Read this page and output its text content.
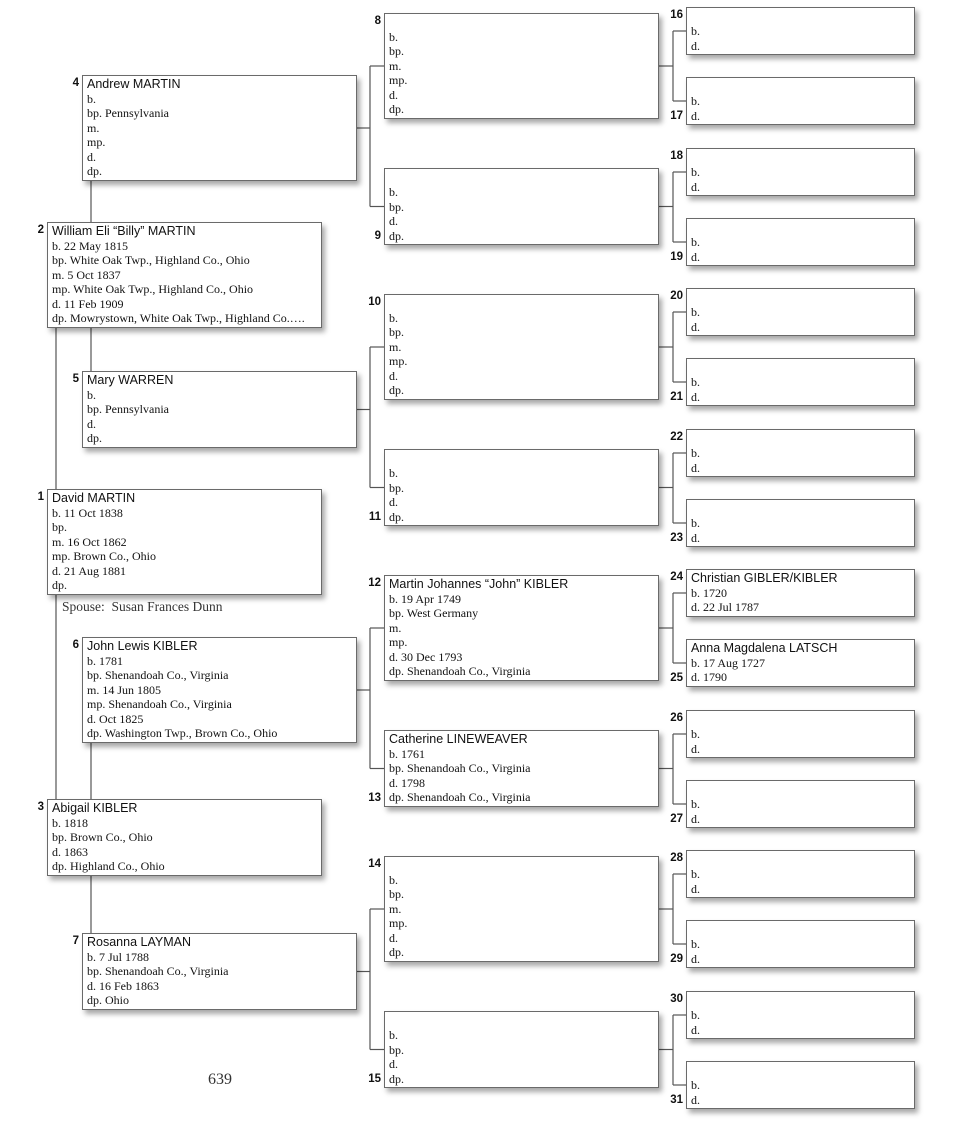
David MARTIN
b. 11 Oct 1838
bp.
m. 16 Oct 1862
mp. Brown Co., Ohio
d. 21 Aug 1881
dp.
1
William Eli “Billy” MARTIN
b. 22 May 1815
bp. White Oak Twp., Highland Co., Ohio
m. 5 Oct 1837
mp. White Oak Twp., Highland Co., Ohio
d. 11 Feb 1909
dp. Mowrystown, White Oak Twp., Highland Co.….
2
Abigail KIBLER
b. 1818
bp. Brown Co., Ohio
d. 1863
dp. Highland Co., Ohio
3
Andrew MARTIN
b.
bp. Pennsylvania
m.
mp.
d.
dp.
4
Mary WARREN
b.
bp. Pennsylvania
d.
dp.
5
John Lewis KIBLER
b. 1781
bp. Shenandoah Co., Virginia
m. 14 Jun 1805
mp. Shenandoah Co., Virginia
d. Oct 1825
dp. Washington Twp., Brown Co., Ohio
6
Rosanna LAYMAN
b. 7 Jul 1788
bp. Shenandoah Co., Virginia
d. 16 Feb 1863
dp. Ohio
7
b.
bp.
m.
mp.
d.
dp.
8
b.
bp.
d.
dp.
9
b.
bp.
m.
mp.
d.
dp.
10
b.
bp.
d.
dp.
11
Martin Johannes “John” KIBLER
b. 19 Apr 1749
bp. West Germany
m.
mp.
d. 30 Dec 1793
dp. Shenandoah Co., Virginia
12
Catherine LINEWEAVER
b. 1761
bp. Shenandoah Co., Virginia
d. 1798
dp. Shenandoah Co., Virginia
13
b.
bp.
m.
mp.
d.
dp.
14
b.
bp.
d.
dp.
15
b.
d.
16
b.
d.
17
b.
d.
18
b.
d.
19
b.
d.
20
b.
d.
21
b.
d.
22
b.
d.
23
Christian GIBLER/KIBLER
b. 1720
d. 22 Jul 1787
24
Anna Magdalena LATSCH
b. 17 Aug 1727
d. 1790
25
b.
d.
26
b.
d.
27
b.
d.
28
b.
d.
29
b.
d.
30
b.
d.
31
Spouse: Susan Frances Dunn
639
